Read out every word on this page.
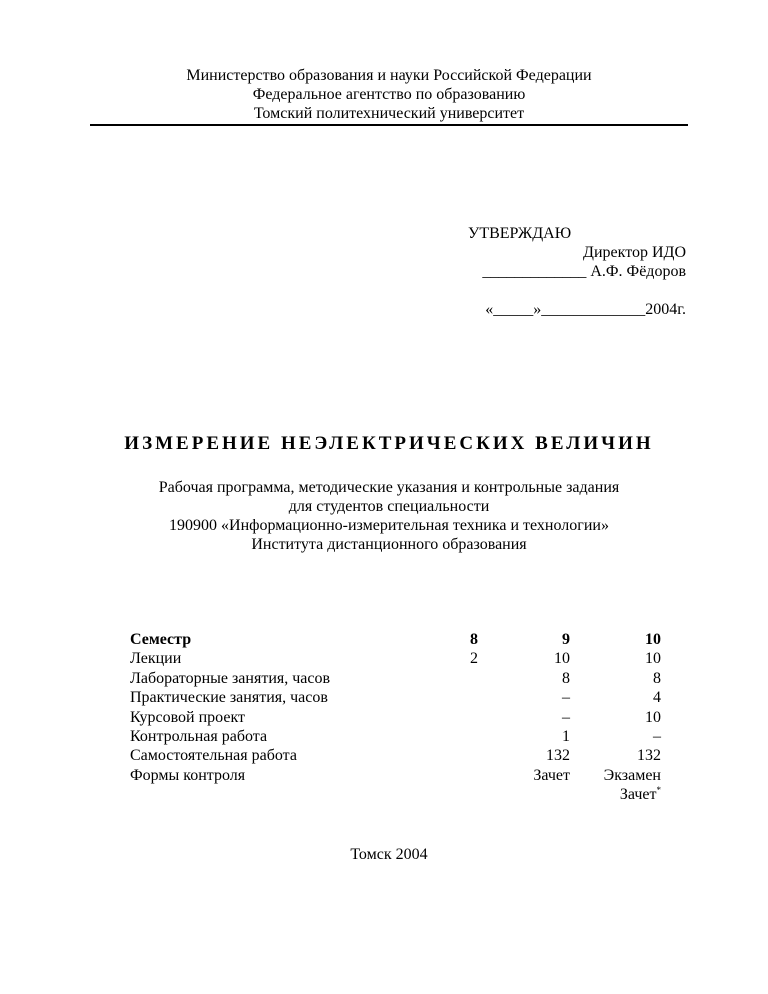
Министерство образования и науки Российской Федерации
Федеральное агентство по образованию
Томский политехнический университет
УТВЕРЖДАЮ
Директор ИДО
_____________ А.Ф. Фёдоров
«_____»_____________2004г.
ИЗМЕРЕНИЕ НЕЭЛЕКТРИЧЕСКИХ ВЕЛИЧИН
Рабочая программа, методические указания и контрольные задания
для студентов специальности
190900 «Информационно-измерительная техника и технологии»
Института дистанционного образования
Семестр	8	9	10
Лекции	2	10	10
Лабораторные занятия, часов		8	8
Практические занятия, часов		–	4
Курсовой проект		–	10
Контрольная работа		1	–
Самостоятельная работа		132	132
Формы контроля		Зачет	Экзамен
			Зачет*
Томск 2004
